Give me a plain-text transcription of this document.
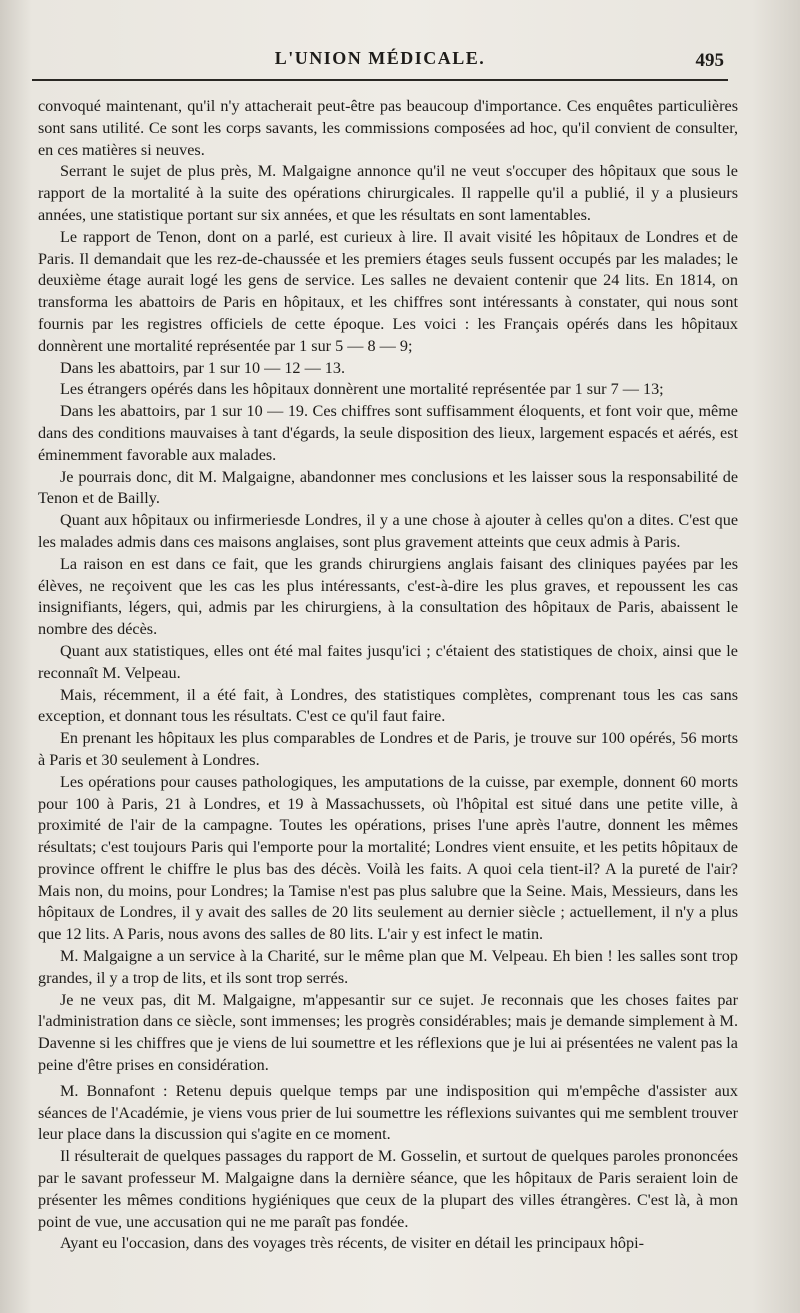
L'UNION MÉDICALE.	495

convoqué maintenant, qu'il n'y attacherait peut-être pas beaucoup d'importance. Ces enquêtes particulières sont sans utilité. Ce sont les corps savants, les commissions composées ad hoc, qu'il convient de consulter, en ces matières si neuves.

Serrant le sujet de plus près, M. Malgaigne annonce qu'il ne veut s'occuper des hôpitaux que sous le rapport de la mortalité à la suite des opérations chirurgicales. Il rappelle qu'il a publié, il y a plusieurs années, une statistique portant sur six années, et que les résultats en sont lamentables.

Le rapport de Tenon, dont on a parlé, est curieux à lire. Il avait visité les hôpitaux de Londres et de Paris. Il demandait que les rez-de-chaussée et les premiers étages seuls fussent occupés par les malades; le deuxième étage aurait logé les gens de service. Les salles ne devaient contenir que 24 lits. En 1814, on transforma les abattoirs de Paris en hôpitaux, et les chiffres sont intéressants à constater, qui nous sont fournis par les registres officiels de cette époque. Les voici : les Français opérés dans les hôpitaux donnèrent une mortalité représentée par 1 sur 5 — 8 — 9;

Dans les abattoirs, par 1 sur 10 — 12 — 13.

Les étrangers opérés dans les hôpitaux donnèrent une mortalité représentée par 1 sur 7 — 13;

Dans les abattoirs, par 1 sur 10 — 19. Ces chiffres sont suffisamment éloquents, et font voir que, même dans des conditions mauvaises à tant d'égards, la seule disposition des lieux, largement espacés et aérés, est éminemment favorable aux malades.

Je pourrais donc, dit M. Malgaigne, abandonner mes conclusions et les laisser sous la responsabilité de Tenon et de Bailly.

Quant aux hôpitaux ou infirmeriesde Londres, il y a une chose à ajouter à celles qu'on a dites. C'est que les malades admis dans ces maisons anglaises, sont plus gravement atteints que ceux admis à Paris.

La raison en est dans ce fait, que les grands chirurgiens anglais faisant des cliniques payées par les élèves, ne reçoivent que les cas les plus intéressants, c'est-à-dire les plus graves, et repoussent les cas insignifiants, légers, qui, admis par les chirurgiens, à la consultation des hôpitaux de Paris, abaissent le nombre des décès.

Quant aux statistiques, elles ont été mal faites jusqu'ici ; c'étaient des statistiques de choix, ainsi que le reconnaît M. Velpeau.

Mais, récemment, il a été fait, à Londres, des statistiques complètes, comprenant tous les cas sans exception, et donnant tous les résultats. C'est ce qu'il faut faire.

En prenant les hôpitaux les plus comparables de Londres et de Paris, je trouve sur 100 opérés, 56 morts à Paris et 30 seulement à Londres.

Les opérations pour causes pathologiques, les amputations de la cuisse, par exemple, donnent 60 morts pour 100 à Paris, 21 à Londres, et 19 à Massachussets, où l'hôpital est situé dans une petite ville, à proximité de l'air de la campagne. Toutes les opérations, prises l'une après l'autre, donnent les mêmes résultats; c'est toujours Paris qui l'emporte pour la mortalité; Londres vient ensuite, et les petits hôpitaux de province offrent le chiffre le plus bas des décès. Voilà les faits. A quoi cela tient-il? A la pureté de l'air? Mais non, du moins, pour Londres; la Tamise n'est pas plus salubre que la Seine. Mais, Messieurs, dans les hôpitaux de Londres, il y avait des salles de 20 lits seulement au dernier siècle ; actuellement, il n'y a plus que 12 lits. A Paris, nous avons des salles de 80 lits. L'air y est infect le matin.

M. Malgaigne a un service à la Charité, sur le même plan que M. Velpeau. Eh bien ! les salles sont trop grandes, il y a trop de lits, et ils sont trop serrés.

Je ne veux pas, dit M. Malgaigne, m'appesantir sur ce sujet. Je reconnais que les choses faites par l'administration dans ce siècle, sont immenses; les progrès considérables; mais je demande simplement à M. Davenne si les chiffres que je viens de lui soumettre et les réflexions que je lui ai présentées ne valent pas la peine d'être prises en considération.

M. Bonnafont : Retenu depuis quelque temps par une indisposition qui m'empêche d'assister aux séances de l'Académie, je viens vous prier de lui soumettre les réflexions suivantes qui me semblent trouver leur place dans la discussion qui s'agite en ce moment.

Il résulterait de quelques passages du rapport de M. Gosselin, et surtout de quelques paroles prononcées par le savant professeur M. Malgaigne dans la dernière séance, que les hôpitaux de Paris seraient loin de présenter les mêmes conditions hygiéniques que ceux de la plupart des villes étrangères. C'est là, à mon point de vue, une accusation qui ne me paraît pas fondée.

Ayant eu l'occasion, dans des voyages très récents, de visiter en détail les principaux hôpi-
